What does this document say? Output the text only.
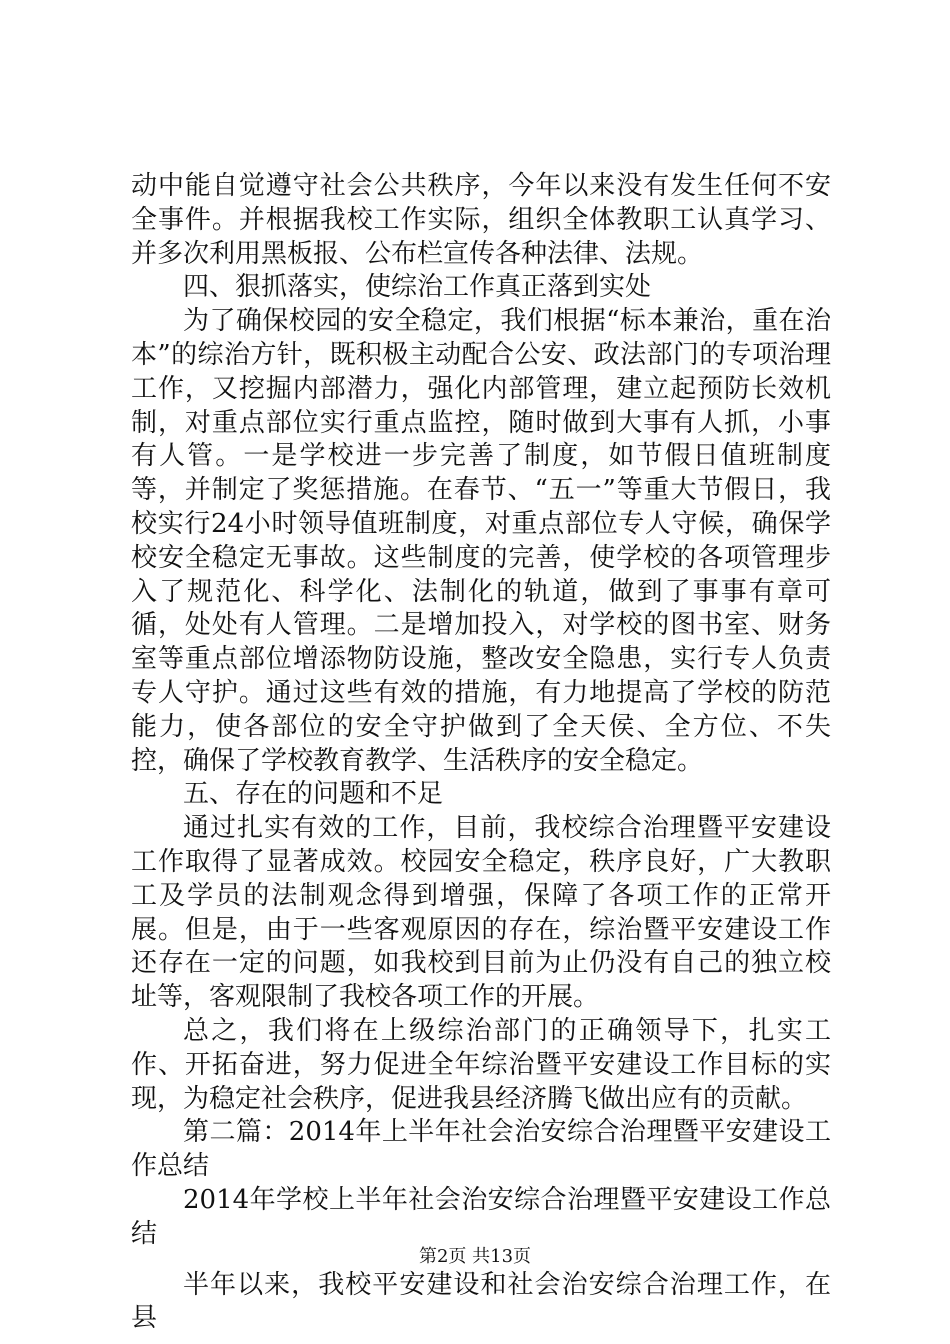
动中能自觉遵守社会公共秩序，今年以来没有发生任何不安全事件。并根据我校工作实际，组织全体教职工认真学习、并多次利用黑板报、公布栏宣传各种法律、法规。

四、狠抓落实，使综治工作真正落到实处

为了确保校园的安全稳定，我们根据“标本兼治，重在治本”的综治方针，既积极主动配合公安、政法部门的专项治理工作，又挖掘内部潜力，强化内部管理，建立起预防长效机制，对重点部位实行重点监控，随时做到大事有人抓，小事有人管。一是学校进一步完善了制度，如节假日值班制度等，并制定了奖惩措施。在春节、“五一”等重大节假日，我校实行24小时领导值班制度，对重点部位专人守候，确保学校安全稳定无事故。这些制度的完善，使学校的各项管理步入了规范化、科学化、法制化的轨道，做到了事事有章可循，处处有人管理。二是增加投入，对学校的图书室、财务室等重点部位增添物防设施，整改安全隐患，实行专人负责专人守护。通过这些有效的措施，有力地提高了学校的防范能力，使各部位的安全守护做到了全天侯、全方位、不失控，确保了学校教育教学、生活秩序的安全稳定。

五、存在的问题和不足

通过扎实有效的工作，目前，我校综合治理暨平安建设工作取得了显著成效。校园安全稳定，秩序良好，广大教职工及学员的法制观念得到增强，保障了各项工作的正常开展。但是，由于一些客观原因的存在，综治暨平安建设工作还存在一定的问题，如我校到目前为止仍没有自己的独立校址等，客观限制了我校各项工作的开展。

总之，我们将在上级综治部门的正确领导下，扎实工作、开拓奋进，努力促进全年综治暨平安建设工作目标的实现，为稳定社会秩序，促进我县经济腾飞做出应有的贡献。

第二篇：2014年上半年社会治安综合治理暨平安建设工作总结

2014年学校上半年社会治安综合治理暨平安建设工作总结

半年以来，我校平安建设和社会治安综合治理工作，在县

第2页 共13页
